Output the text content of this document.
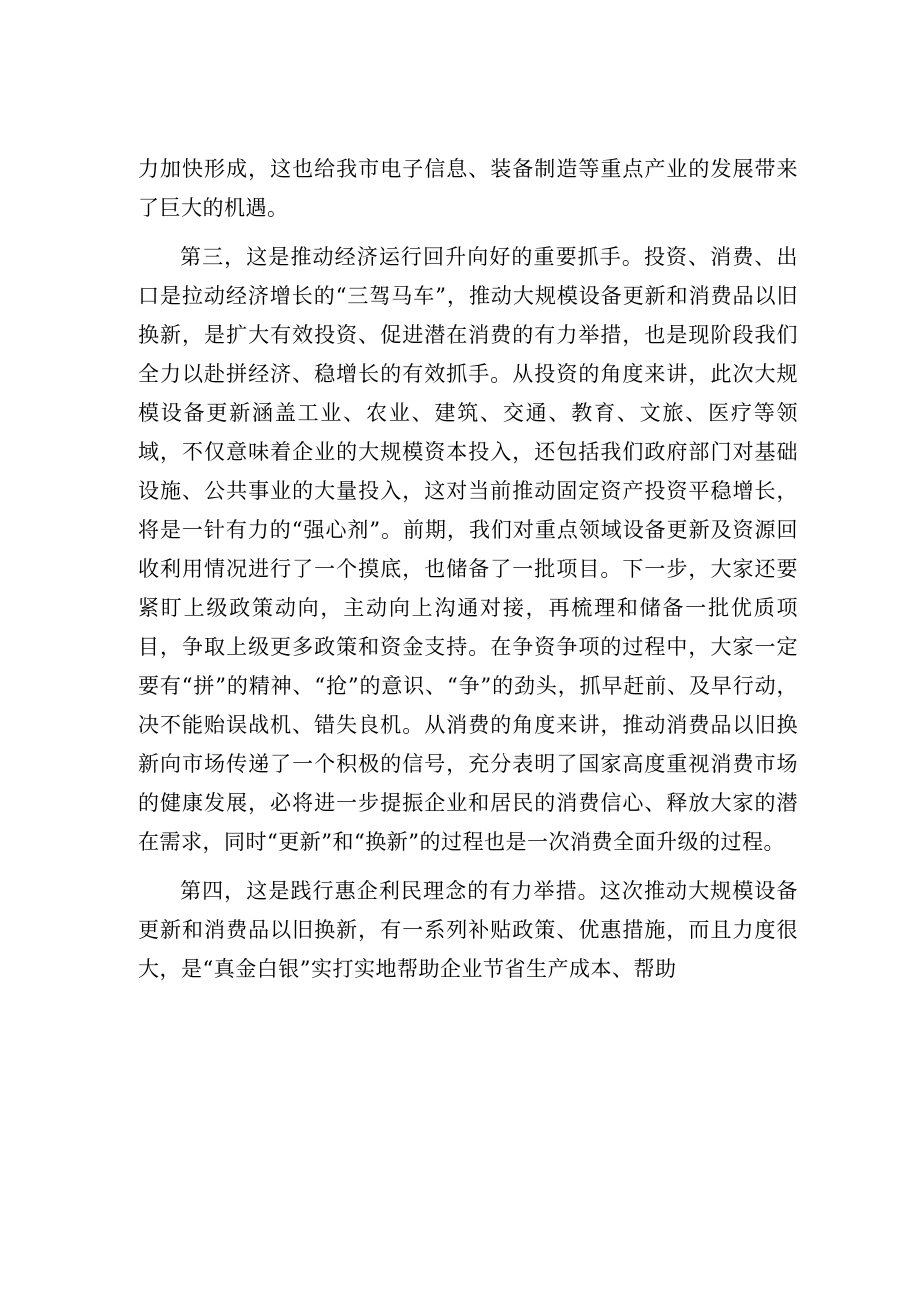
力加快形成，这也给我市电子信息、装备制造等重点产业的发展带来了巨大的机遇。

第三，这是推动经济运行回升向好的重要抓手。投资、消费、出口是拉动经济增长的“三驾马车”，推动大规模设备更新和消费品以旧换新，是扩大有效投资、促进潜在消费的有力举措，也是现阶段我们全力以赴拼经济、稳增长的有效抓手。从投资的角度来讲，此次大规模设备更新涵盖工业、农业、建筑、交通、教育、文旅、医疗等领域，不仅意味着企业的大规模资本投入，还包括我们政府部门对基础设施、公共事业的大量投入，这对当前推动固定资产投资平稳增长，将是一针有力的“强心剂”。前期，我们对重点领域设备更新及资源回收利用情况进行了一个摸底，也储备了一批项目。下一步，大家还要紧盯上级政策动向，主动向上沟通对接，再梳理和储备一批优质项目，争取上级更多政策和资金支持。在争资争项的过程中，大家一定要有“拼”的精神、“抢”的意识、“争”的劲头，抓早赶前、及早行动，决不能贻误战机、错失良机。从消费的角度来讲，推动消费品以旧换新向市场传递了一个积极的信号，充分表明了国家高度重视消费市场的健康发展，必将进一步提振企业和居民的消费信心、释放大家的潜在需求，同时“更新”和“换新”的过程也是一次消费全面升级的过程。

第四，这是践行惠企利民理念的有力举措。这次推动大规模设备更新和消费品以旧换新，有一系列补贴政策、优惠措施，而且力度很大，是“真金白银”实打实地帮助企业节省生产成本、帮助
